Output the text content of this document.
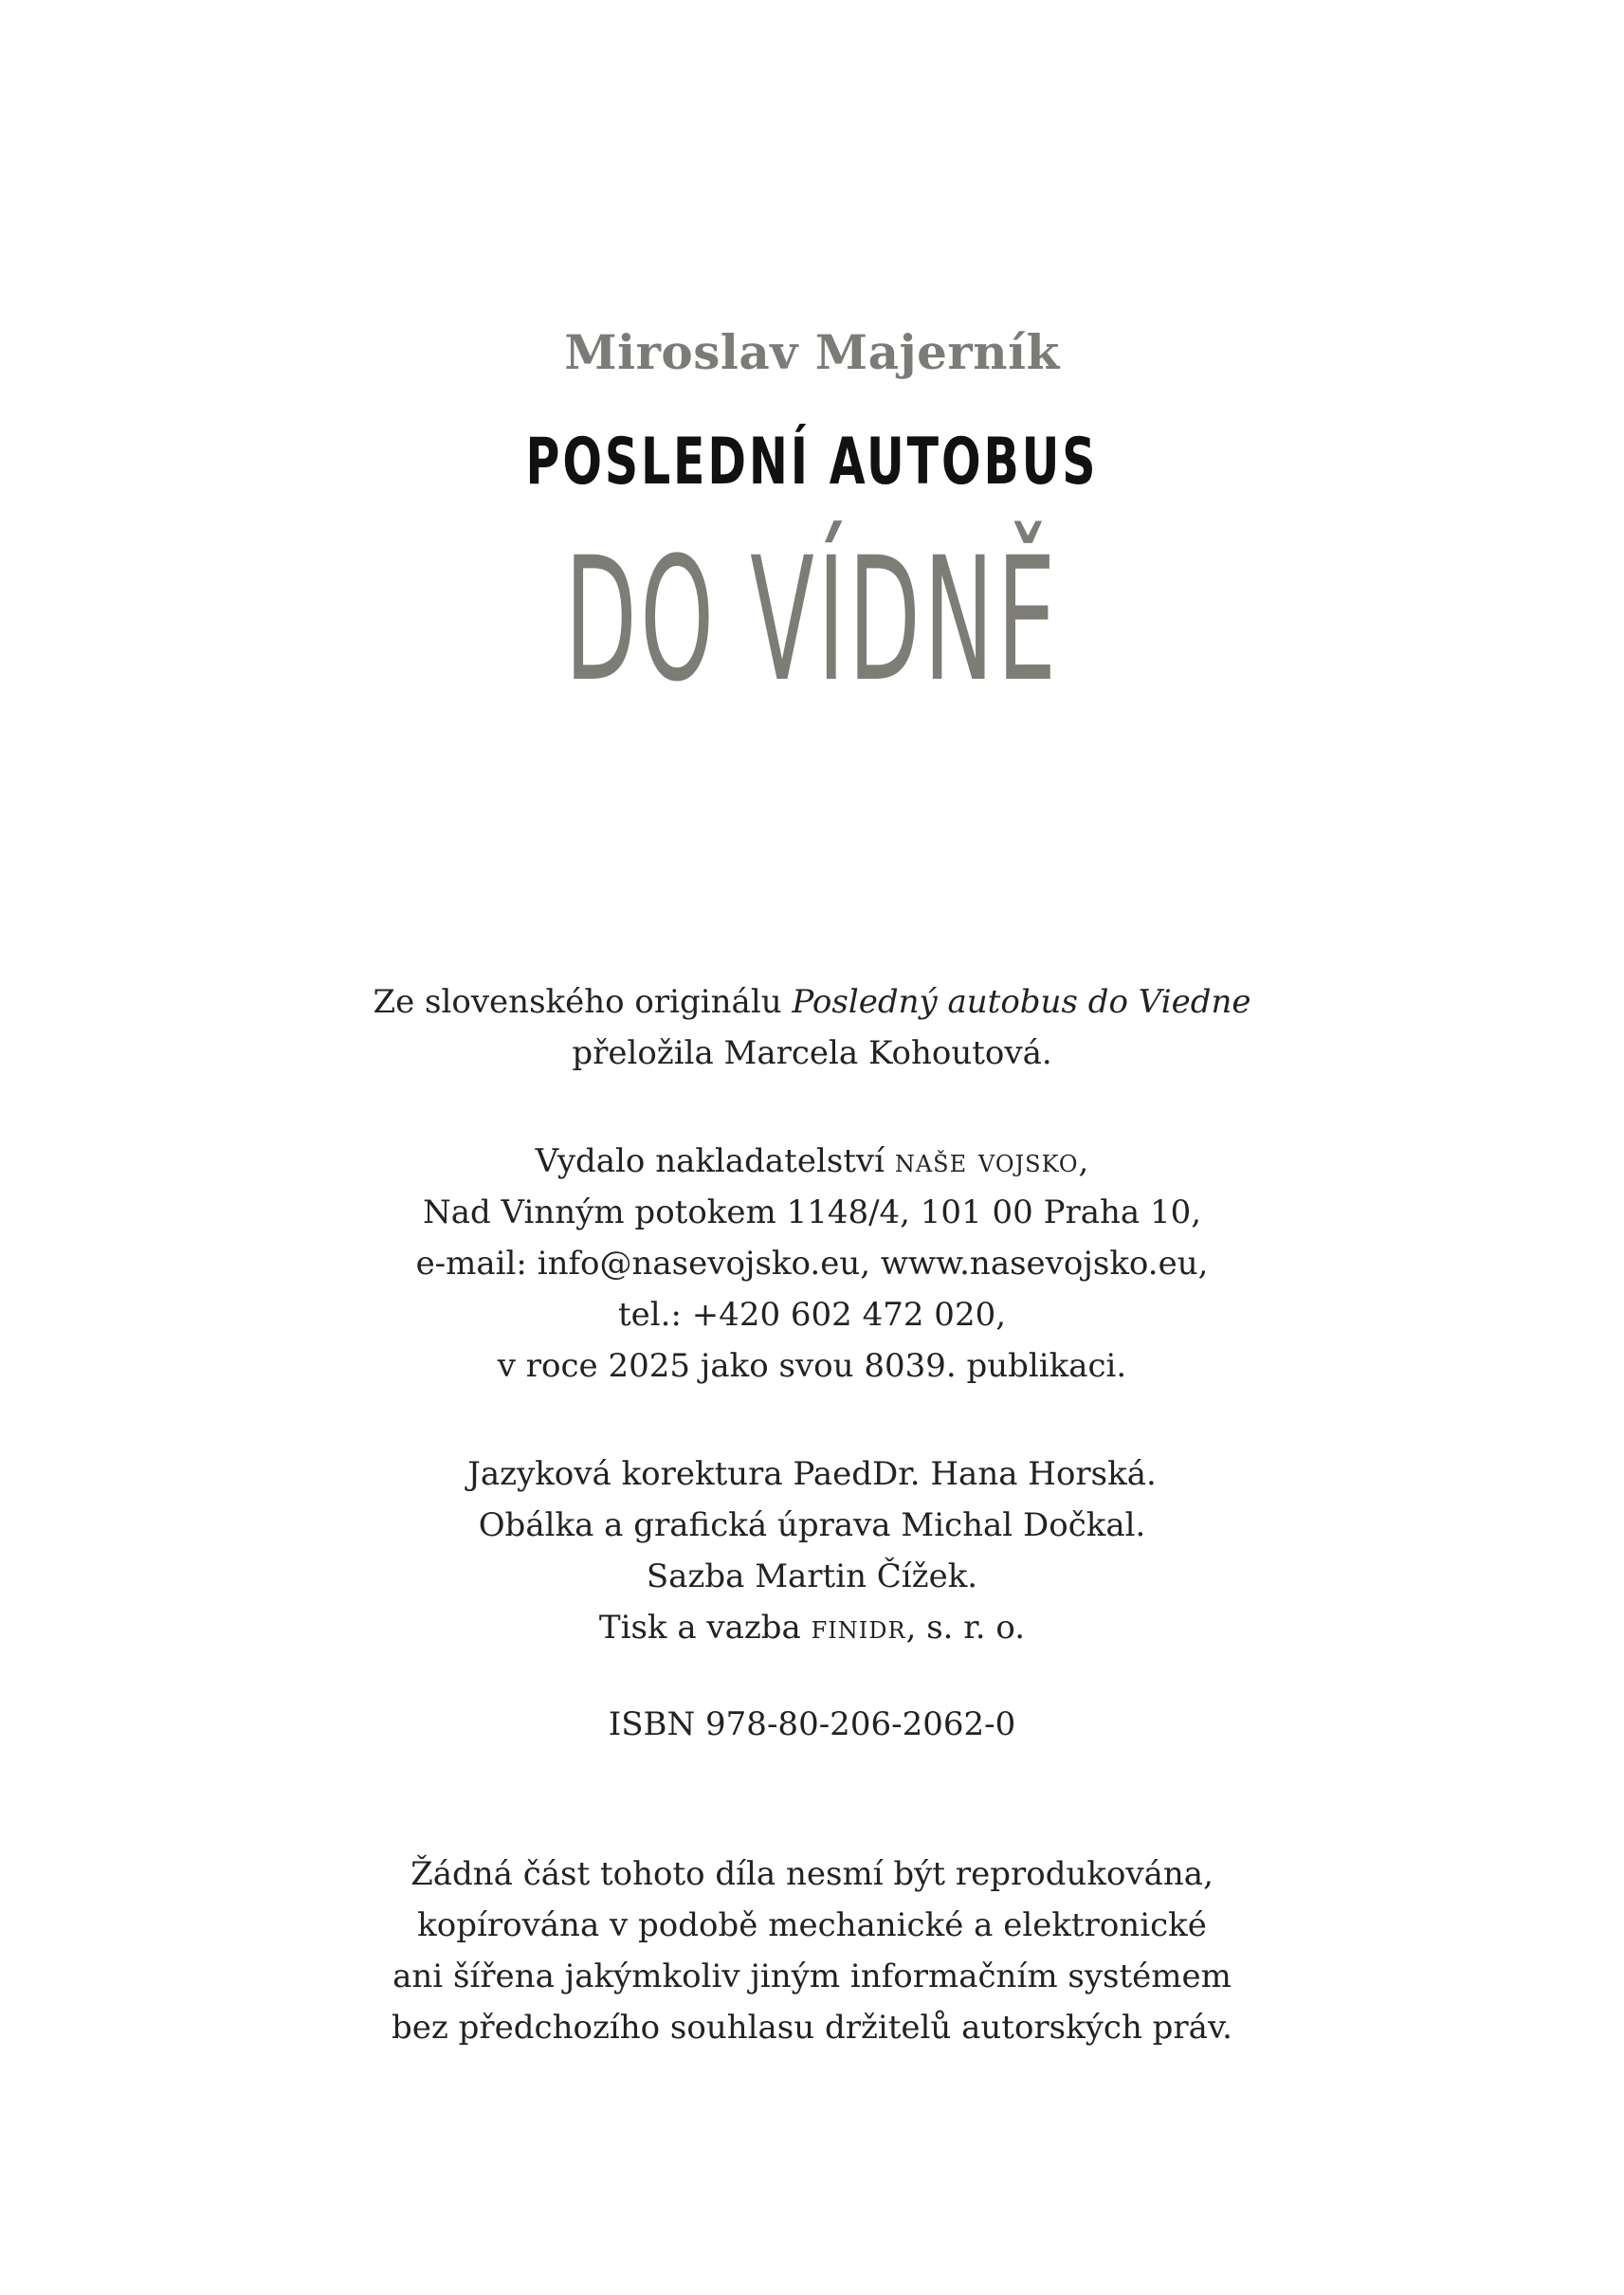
Miroslav Majerník
POSLEDNÍ AUTOBUS
DO VÍDNĚ
Ze slovenského originálu Posledný autobus do Viedne
přeložila Marcela Kohoutová.
Vydalo nakladatelství naše vojsko,
Nad Vinným potokem 1148/4, 101 00 Praha 10,
e-mail: info@nasevojsko.eu, www.nasevojsko.eu,
tel.: +420 602 472 020,
v roce 2025 jako svou 8039. publikaci.
Jazyková korektura PaedDr. Hana Horská.
Obálka a grafická úprava Michal Dočkal.
Sazba Martin Čížek.
Tisk a vazba finidr, s. r. o.
ISBN 978-80-206-2062-0
Žádná část tohoto díla nesmí být reprodukována,
kopírována v podobě mechanické a elektronické
ani šířena jakýmkoliv jiným informačním systémem
bez předchozího souhlasu držitelů autorských práv.
